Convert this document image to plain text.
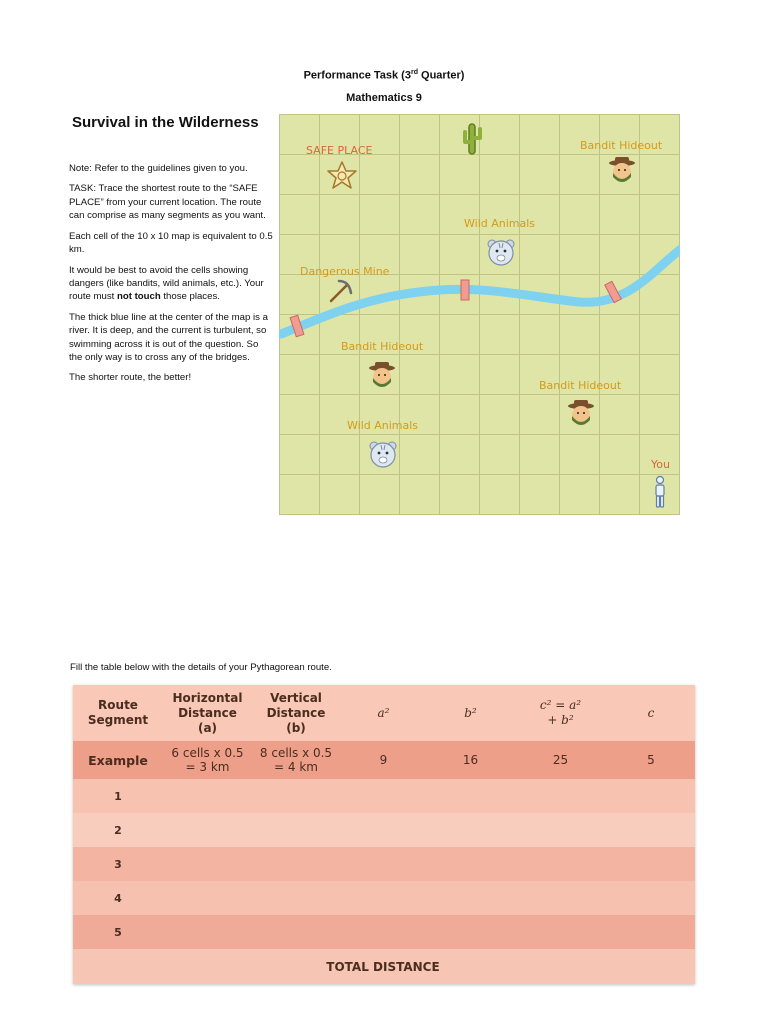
Performance Task (3rd Quarter)
Mathematics 9
Survival in the Wilderness

Note: Refer to the guidelines given to you.

TASK: Trace the shortest route to the “SAFE PLACE” from your current location. The route can comprise as many segments as you want.

Each cell of the 10 x 10 map is equivalent to 0.5 km.

It would be best to avoid the cells showing dangers (like bandits, wild animals, etc.). Your route must not touch those places.

The thick blue line at the center of the map is a river. It is deep, and the current is turbulent, so swimming across it is out of the question. So the only way is to cross any of the bridges.

The shorter route, the better!

SAFE PLACE	Bandit Hideout
Wild Animals
Dangerous Mine
Bandit Hideout
Bandit Hideout
Wild Animals
You
Fill the table below with the details of your Pythagorean route.
Route
Segment	Horizontal
Distance
(a)	Vertical
Distance
(b)	a²	b²	c² = a²
+ b²	c
Example	6 cells x 0.5
= 3 km	8 cells x 0.5
= 4 km	9	16	25	5
1						
2						
3						
4						
5						
		TOTAL DISTANCE				
